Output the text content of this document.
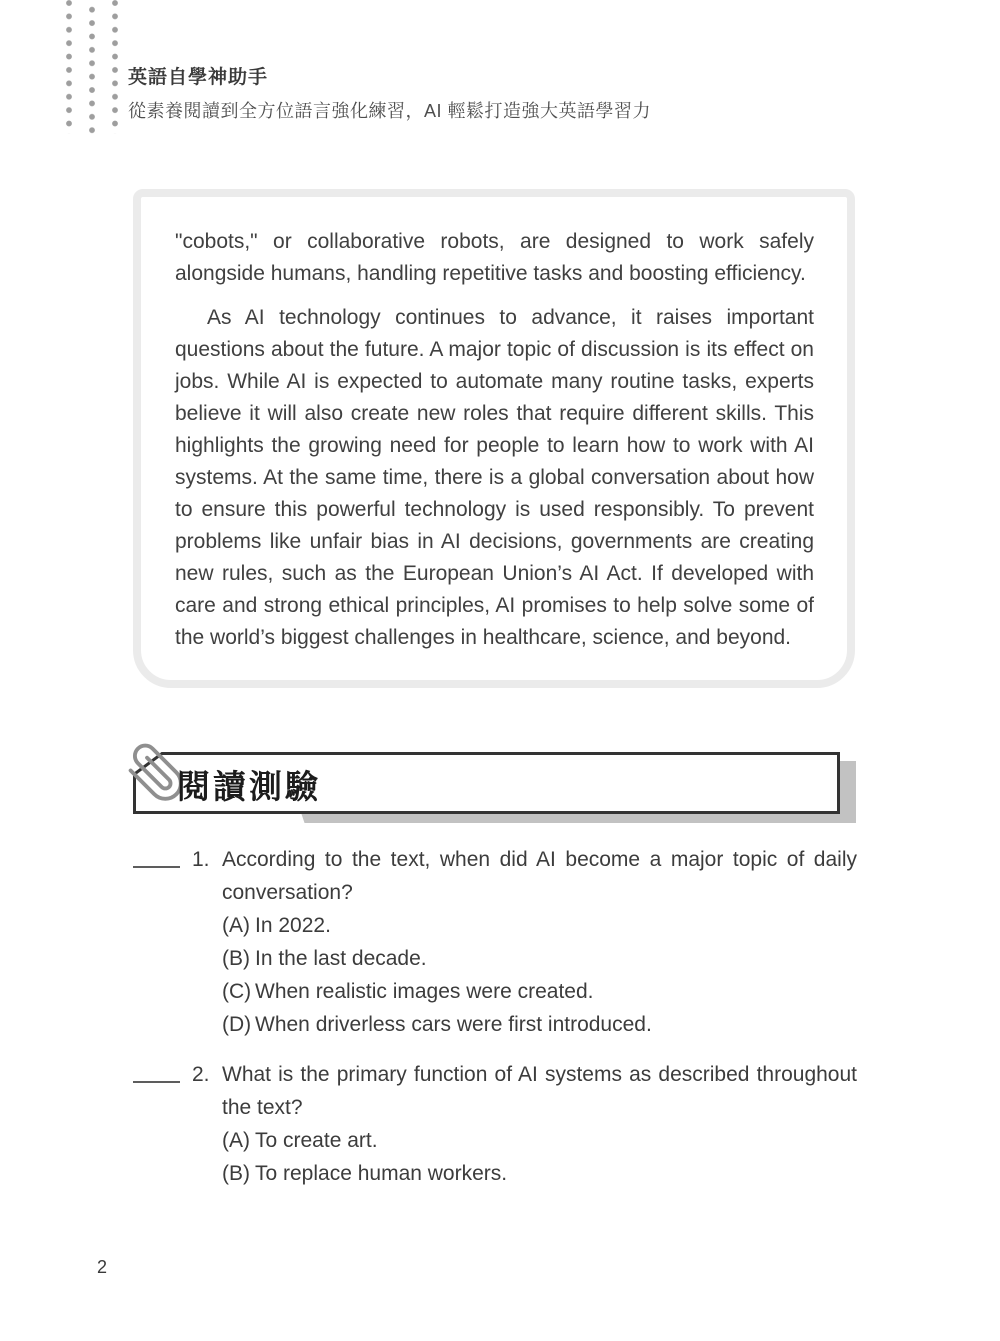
英語自學神助手
從素養閱讀到全方位語言強化練習，AI 輕鬆打造強大英語學習力

"cobots," or collaborative robots, are designed to work safely alongside humans, handling repetitive tasks and boosting efficiency.

As AI technology continues to advance, it raises important questions about the future. A major topic of discussion is its effect on jobs. While AI is expected to automate many routine tasks, experts believe it will also create new roles that require different skills. This highlights the growing need for people to learn how to work with AI systems. At the same time, there is a global conversation about how to ensure this powerful technology is used responsibly. To prevent problems like unfair bias in AI decisions, governments are creating new rules, such as the European Union’s AI Act. If developed with care and strong ethical principles, AI promises to help solve some of the world’s biggest challenges in healthcare, science, and beyond.

閱讀測驗
1. According to the text, when did AI become a major topic of daily conversation?

(A) In 2022.
(B) In the last decade.
(C) When realistic images were created.
(D) When driverless cars were first introduced.
2. What is the primary function of AI systems as described throughout the text?

(A) To create art.
(B) To replace human workers.
2
